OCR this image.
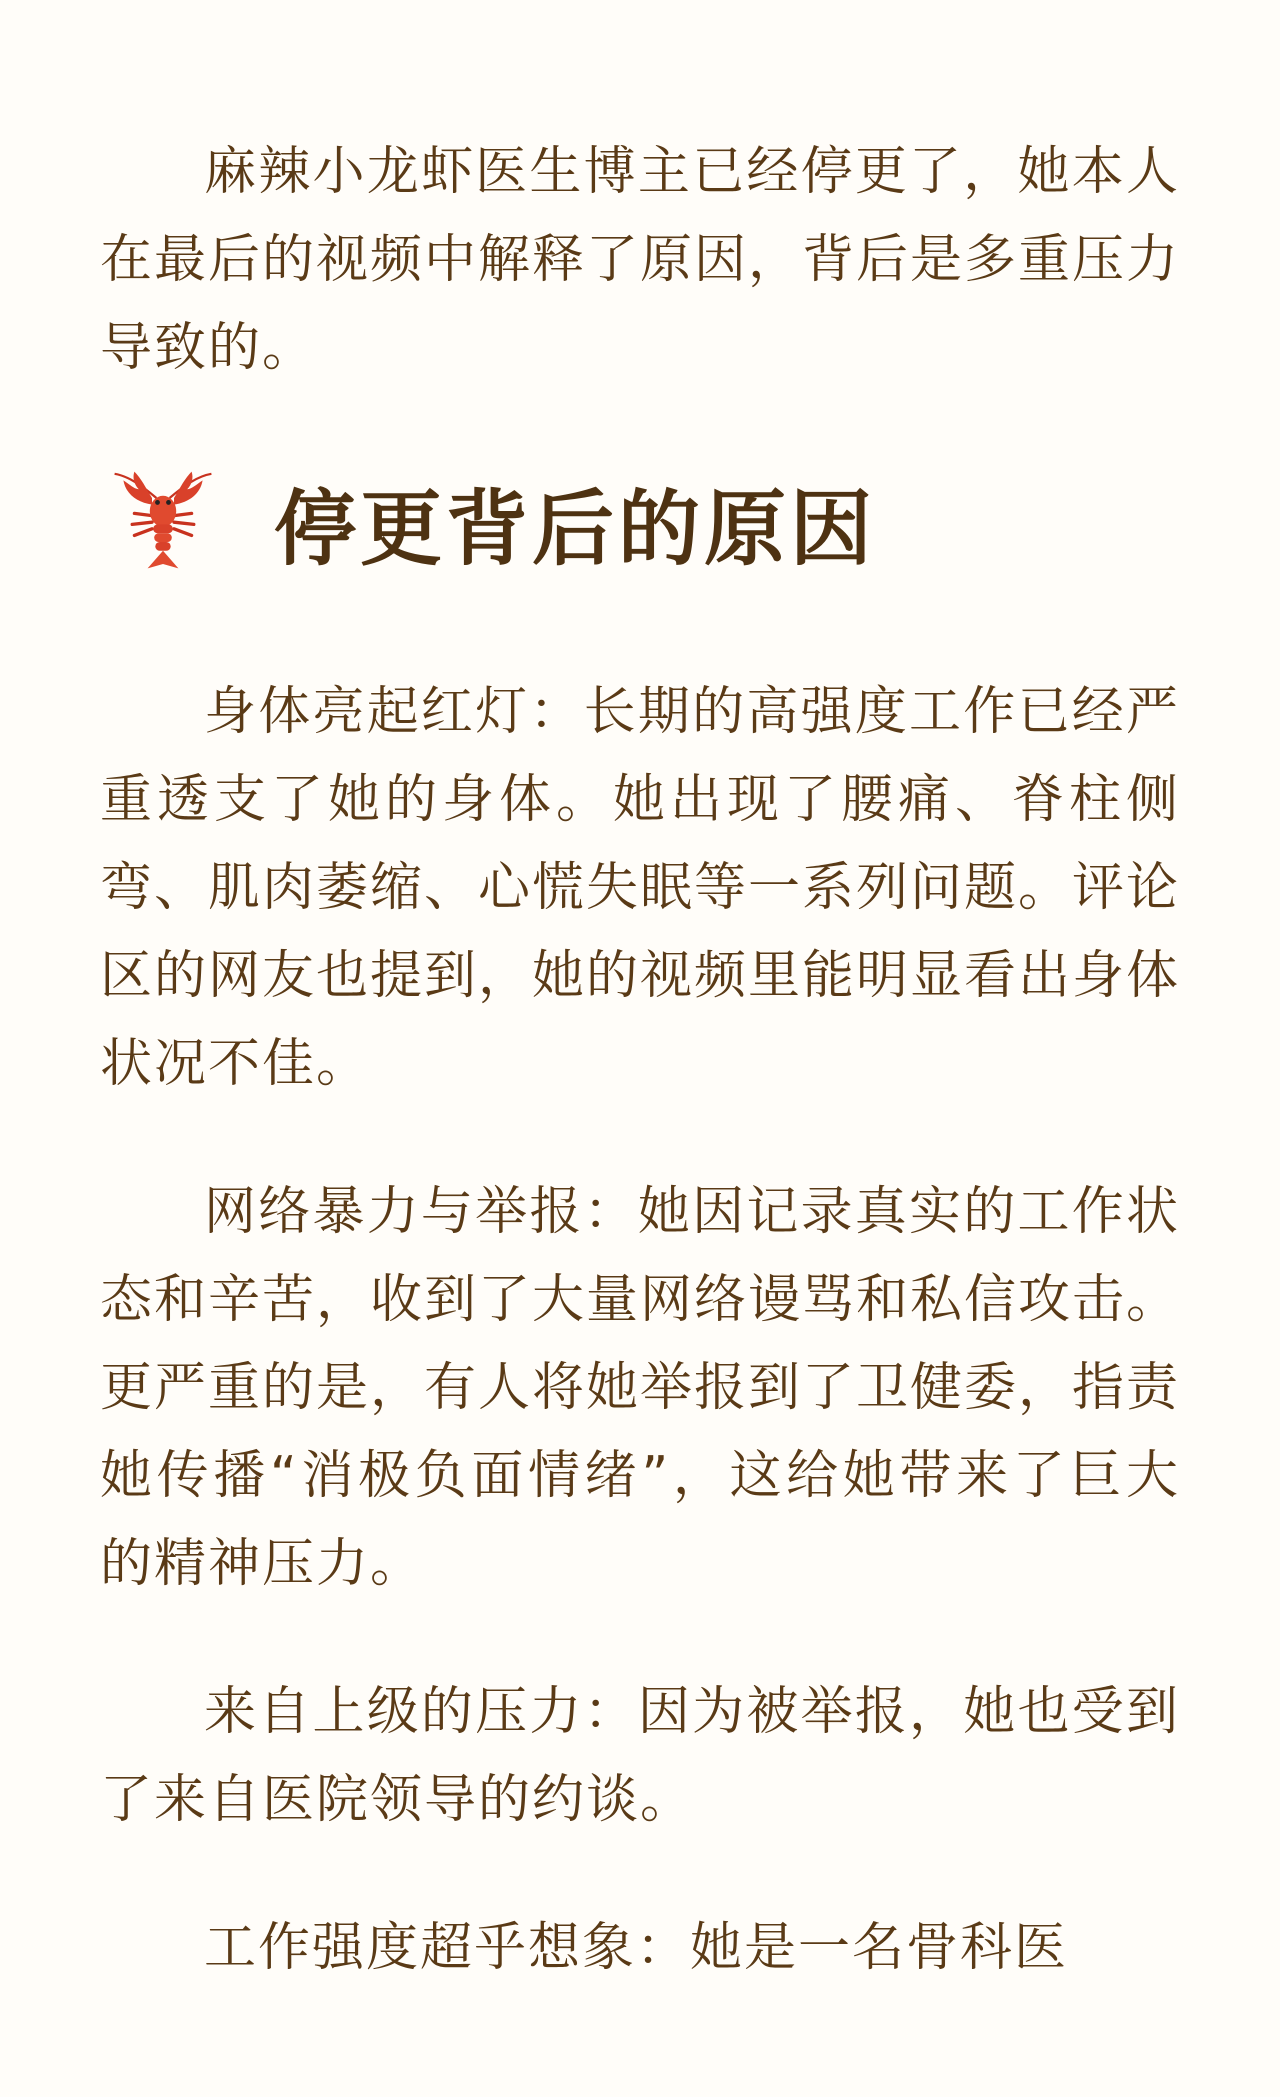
麻辣小龙虾医生博主已经停更了，她本人在最后的视频中解释了原因，背后是多重压力导致的。

停更背后的原因

身体亮起红灯：长期的高强度工作已经严重透支了她的身体。她出现了腰痛、脊柱侧弯、肌肉萎缩、心慌失眠等一系列问题。评论区的网友也提到，她的视频里能明显看出身体状况不佳。

网络暴力与举报：她因记录真实的工作状态和辛苦，收到了大量网络谩骂和私信攻击。 更严重的是，有人将她举报到了卫健委，指责她传播“消极负面情绪”，这给她带来了巨大的精神压力。

来自上级的压力：因为被举报，她也受到了来自医院领导的约谈。

工作强度超乎想象：她是一名骨科医
